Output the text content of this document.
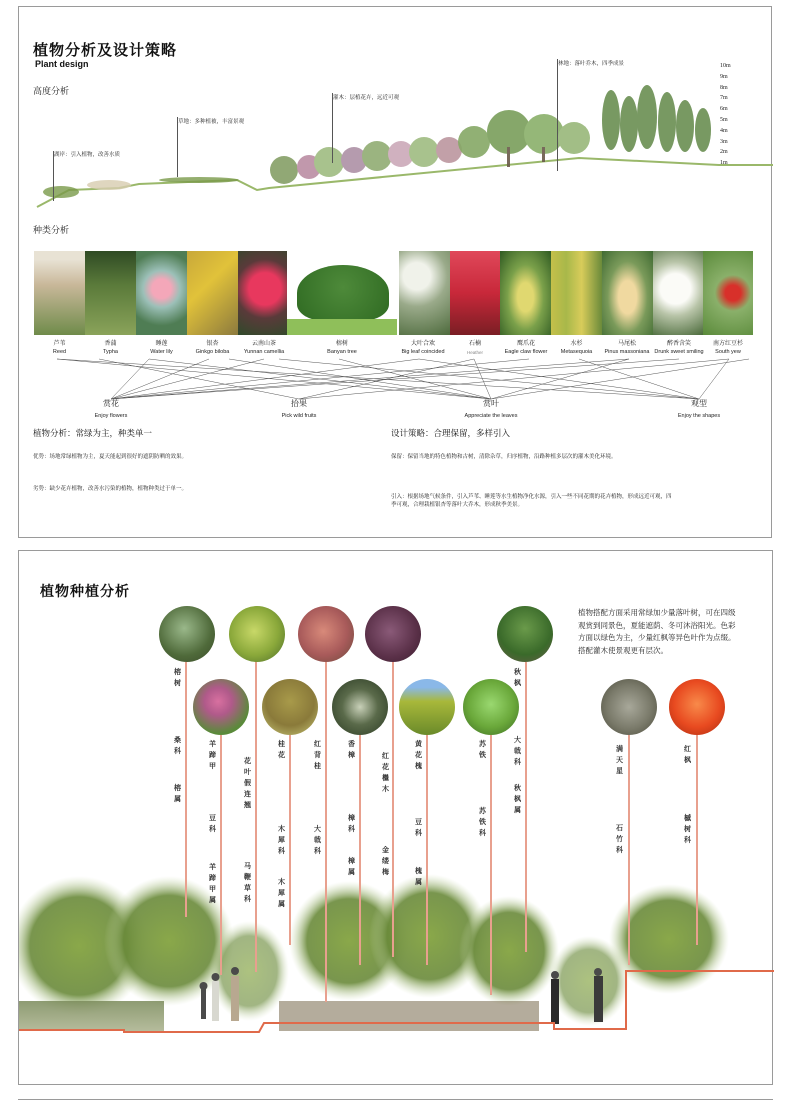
植物分析及设计策略
Plant design
高度分析
湖岸：引入植物，改善水质
草地：多种植被，丰富景观
灌木：层植花卉，远近可观
林地：落叶乔木，四季成景	10m
9m
8m
7m
6m
5m
4m
3m
2m
1m
种类分析
芦苇
Reed
香蒲
Typha
睡莲
Water lily
银杏
Ginkgo biloba
云南山茶
Yunnan camellia
榕树
Banyan tree
大叶合欢
Big leaf coincided
石楠
Heather
鹰爪花
Eagle claw flower
水杉
Metasequoia
马尾松
Pinus massoniana
醉香含笑
Drunk sweet smiling
南方红豆杉
South yew
赏花
Enjoy flowers
拾果
Pick wild fruits
赏叶
Appreciate the leaves
观型
Enjoy the shapes
植物分析：常绿为主，种类单一
优势：场地常绿植物为主，夏天能起到很好的遮阴防晒的效果。
劣势：缺少花卉植物，改善水污染的植物，植物种类过于单一。
设计策略：合理保留，多样引入
保留：保留当地的特色植物和古树，清除杂草，归序植物，沿路种植多层次的灌木美化环境。
引入：根据场地气候条件，引入芦苇、睡莲等水生植物净化水源，引入一些不同花期的花卉植物，形成远近可观，四季可观，合理栽植银杏等落叶大乔木，形成秋季美景。
植物种植分析
植物搭配方面采用常绿加少量落叶树，可在四级观赏到同景色，夏能遮荫、冬可沐浴阳光。色彩方面以绿色为主，少量红枫等异色叶作为点缀。搭配灌木使景观更有层次。
榕树
桑科
榕属
羊蹄甲
豆科
羊蹄甲属
花叶假连翘
马鞭草科
桂花
木犀科
木犀属
红背桂
大戟科
香樟
樟科
樟属
红花檵木
金缕梅
黄花槐
豆科
槐属
苏铁
苏铁科
秋枫
大戟科
秋枫属
满天星
石竹科
红枫
槭树科
